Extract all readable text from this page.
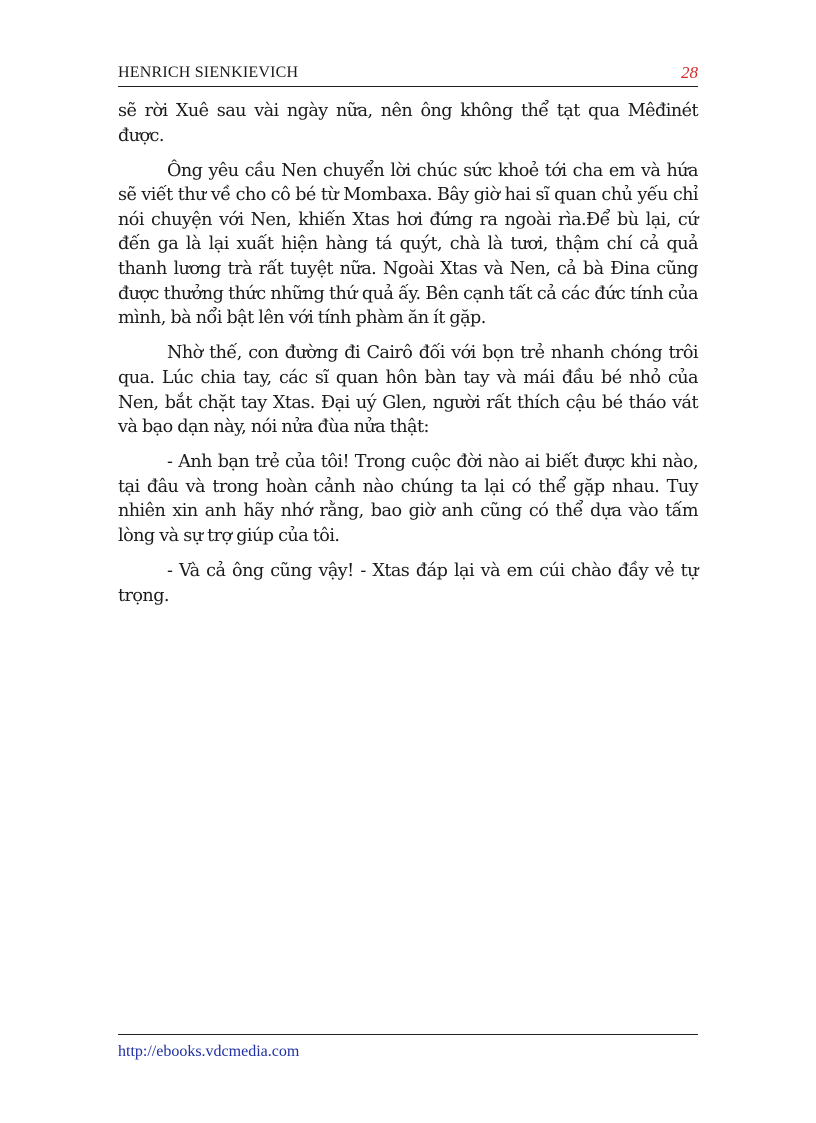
HENRICH SIENKIEVICH	28

sẽ rời Xuê sau vài ngày nữa, nên ông không thể tạt qua Mêđinét được.

Ông yêu cầu Nen chuyển lời chúc sức khoẻ tới cha em và hứa sẽ viết thư về cho cô bé từ Mombaxa. Bây giờ hai sĩ quan chủ yếu chỉ nói chuyện với Nen, khiến Xtas hơi đứng ra ngoài rìa.Để bù lại, cứ đến ga là lại xuất hiện hàng tá quýt, chà là tươi, thậm chí cả quả thanh lương trà rất tuyệt nữa. Ngoài Xtas và Nen, cả bà Đina cũng được thưởng thức những thứ quả ấy. Bên cạnh tất cả các đức tính của mình, bà nổi bật lên với tính phàm ăn ít gặp.

Nhờ thế, con đường đi Cairô đối với bọn trẻ nhanh chóng trôi qua. Lúc chia tay, các sĩ quan hôn bàn tay và mái đầu bé nhỏ của Nen, bắt chặt tay Xtas. Đại uý Glen, người rất thích cậu bé tháo vát và bạo dạn này, nói nửa đùa nửa thật:

- Anh bạn trẻ của tôi! Trong cuộc đời nào ai biết được khi nào, tại đâu và trong hoàn cảnh nào chúng ta lại có thể gặp nhau. Tuy nhiên xin anh hãy nhớ rằng, bao giờ anh cũng có thể dựa vào tấm lòng và sự trợ giúp của tôi.

- Và cả ông cũng vậy! - Xtas đáp lại và em cúi chào đầy vẻ tự trọng.

http://ebooks.vdcmedia.com
